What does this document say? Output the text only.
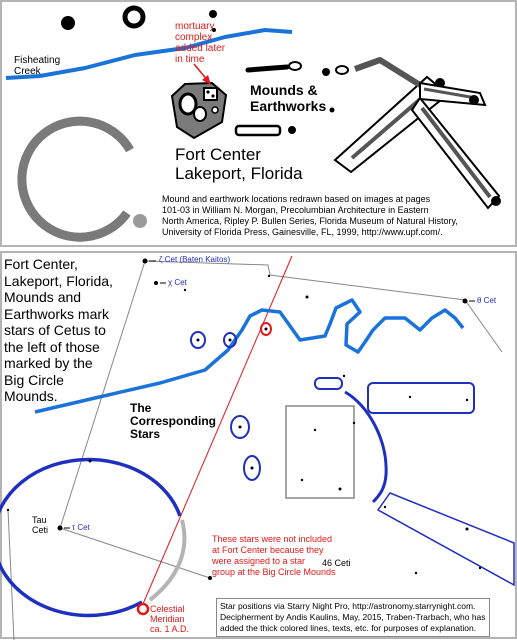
Fisheating
Creek

mortuary
complex
added later
in time

Mounds &
Earthworks

Fort Center
Lakeport, Florida

Mound and earthwork locations redrawn based on images at pages
101-03 in William N. Morgan, Precolumbian Architecture in Eastern
North America, Ripley P. Bullen Series, Florida Museum of Natural History,
University of Florida Press, Gainesville, FL, 1999, http://www.upf.com/.

Fort Center,
Lakeport, Florida,
Mounds and
Earthworks mark
stars of Cetus to
the left of those
marked by the
Big Circle
Mounds.

The
Corresponding
Stars

ζ Cet (Baten Kaitos)

χ Cet

θ Cet

Tau
Ceti	τ Cet

These stars were not included
at Fort Center because they
were assigned to a star
group at the Big Circle Mounds

46 Ceti

Celestial
Meridian
ca. 1 A.D.

Star positions via Starry Night Pro, http://astronomy.starrynight.com.
Decipherment by Andis Kaulins, May, 2015, Traben-Trarbach, who has
added the thick colored lines, texts, etc. for purposes of explanation.
